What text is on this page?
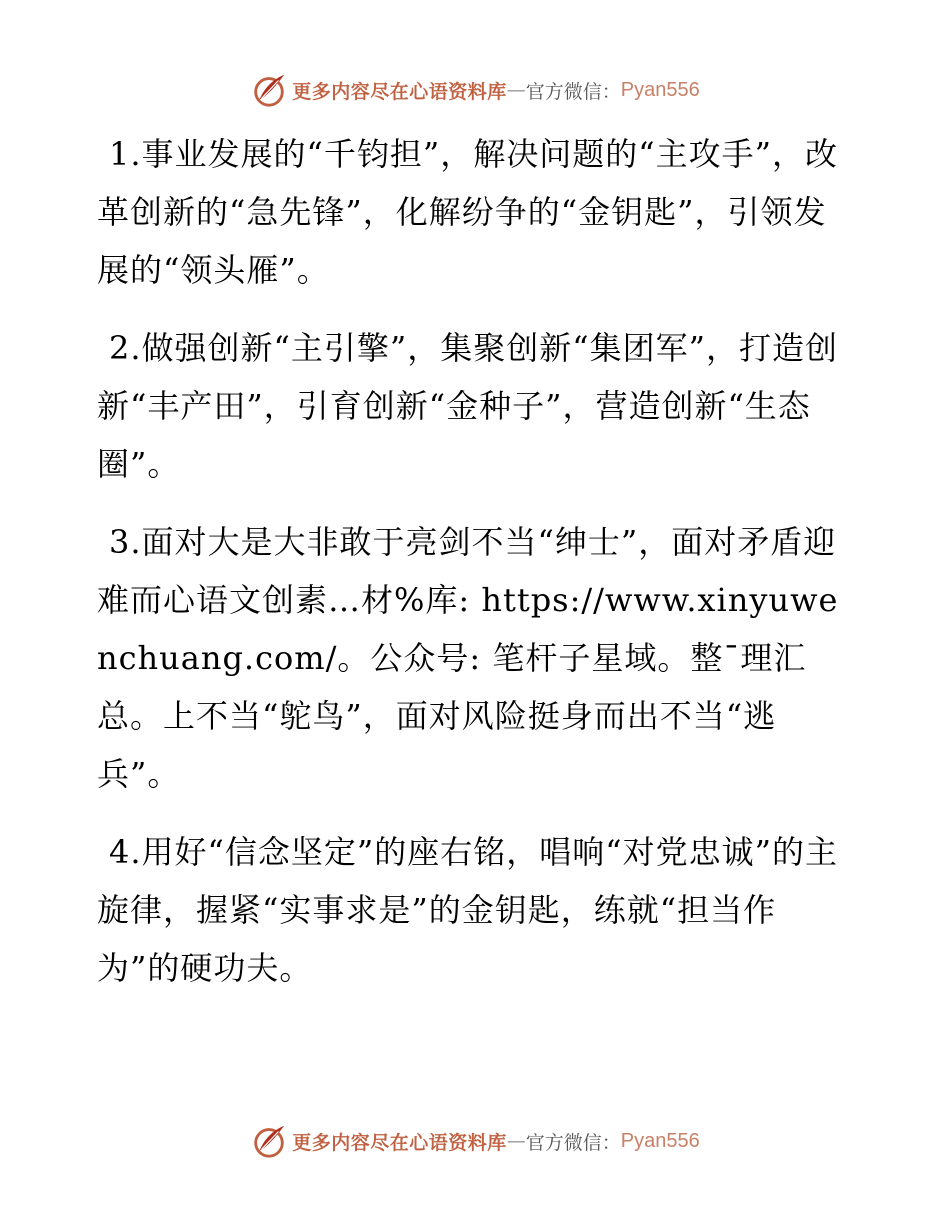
更多内容尽在心语资料库 — 官方微信： Pyan556

1.事业发展的“千钧担”，解决问题的“主攻手”，改革创新的“急先锋”，化解纷争的“金钥匙”，引领发展的“领头雁”。

2.做强创新“主引擎”，集聚创新“集团军”，打造创新“丰产田”，引育创新“金种子”，营造创新“生态圈”。

3.面对大是大非敢于亮剑不当“绅士”，面对矛盾迎难而心语文创素…材%库: https://www.xinyuwenchuang.com/。公众号: 笔杆子星域。整¯理汇总。上不当“鸵鸟”，面对风险挺身而出不当“逃兵”。

4.用好“信念坚定”的座右铭，唱响“对党忠诚”的主旋律，握紧“实事求是”的金钥匙，练就“担当作为”的硬功夫。

更多内容尽在心语资料库 — 官方微信： Pyan556
